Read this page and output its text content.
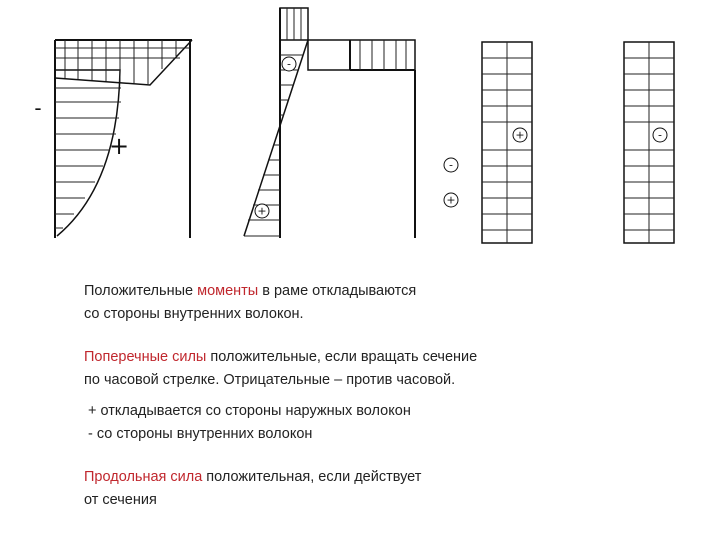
-
+
-
+
+
-
+
-

Положительные моменты в раме откладываются
со стороны внутренних волокон.

Поперечные силы положительные, если вращать сечение
по часовой стрелке. Отрицательные – против часовой.

+ откладывается со стороны наружных волокон
- со стороны внутренних волокон

Продольная сила положительная, если действует
от сечения
